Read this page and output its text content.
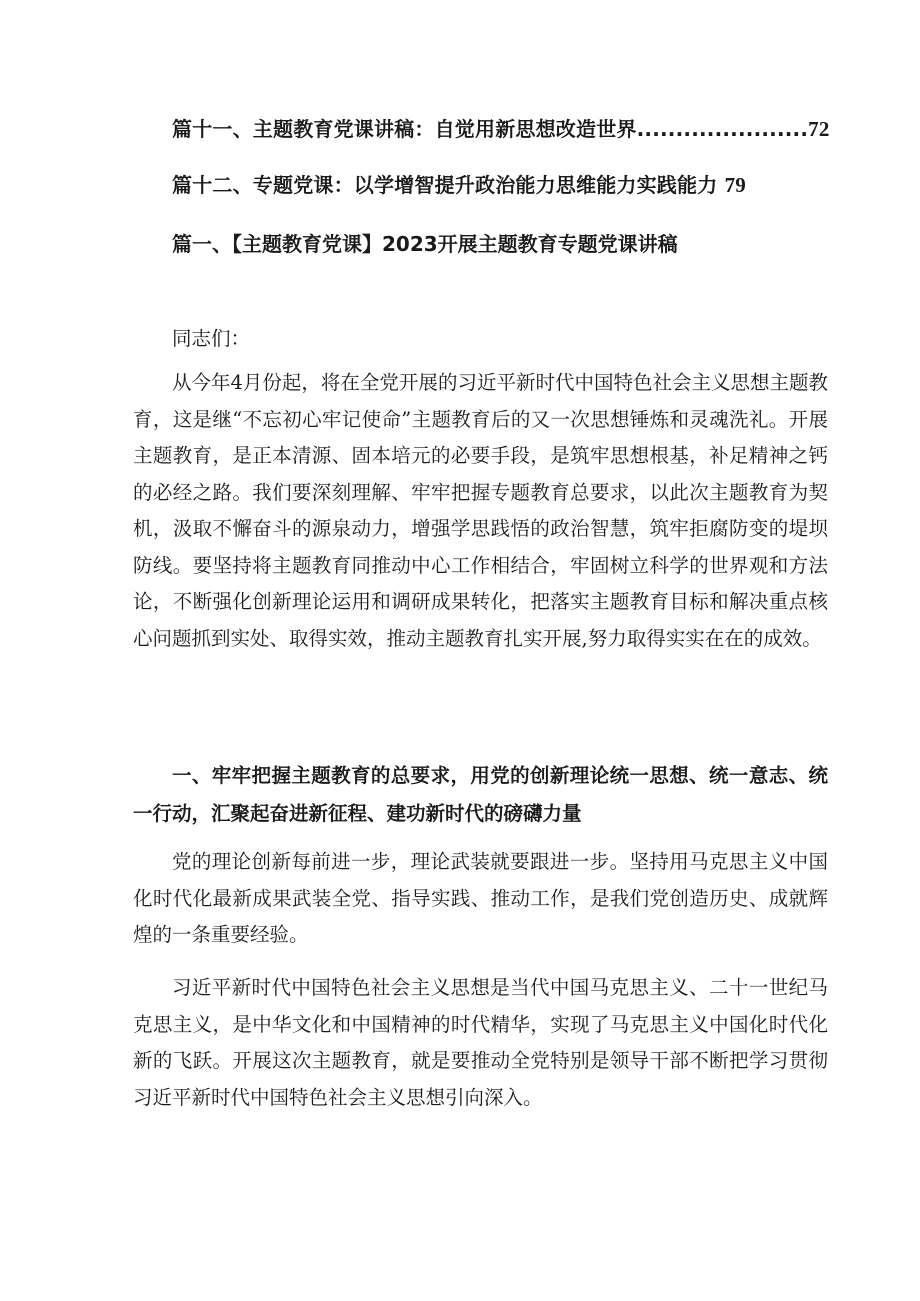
篇十一、主题教育党课讲稿：自觉用新思想改造世界......................72
篇十二、专题党课：以学增智提升政治能力思维能力实践能力 79
篇一、【主题教育党课】2023开展主题教育专题党课讲稿

同志们：

从今年4月份起，将在全党开展的习近平新时代中国特色社会主义思想主题教育，这是继“不忘初心牢记使命”主题教育后的又一次思想锤炼和灵魂洗礼。开展主题教育，是正本清源、固本培元的必要手段，是筑牢思想根基，补足精神之钙的必经之路。我们要深刻理解、牢牢把握专题教育总要求，以此次主题教育为契机，汲取不懈奋斗的源泉动力，增强学思践悟的政治智慧，筑牢拒腐防变的堤坝防线。要坚持将主题教育同推动中心工作相结合，牢固树立科学的世界观和方法论，不断强化创新理论运用和调研成果转化，把落实主题教育目标和解决重点核心问题抓到实处、取得实效，推动主题教育扎实开展,努力取得实实在在的成效。

一、牢牢把握主题教育的总要求，用党的创新理论统一思想、统一意志、统一行动，汇聚起奋进新征程、建功新时代的磅礴力量

党的理论创新每前进一步，理论武装就要跟进一步。坚持用马克思主义中国化时代化最新成果武装全党、指导实践、推动工作，是我们党创造历史、成就辉煌的一条重要经验。

习近平新时代中国特色社会主义思想是当代中国马克思主义、二十一世纪马克思主义，是中华文化和中国精神的时代精华，实现了马克思主义中国化时代化新的飞跃。开展这次主题教育，就是要推动全党特别是领导干部不断把学习贯彻习近平新时代中国特色社会主义思想引向深入。
